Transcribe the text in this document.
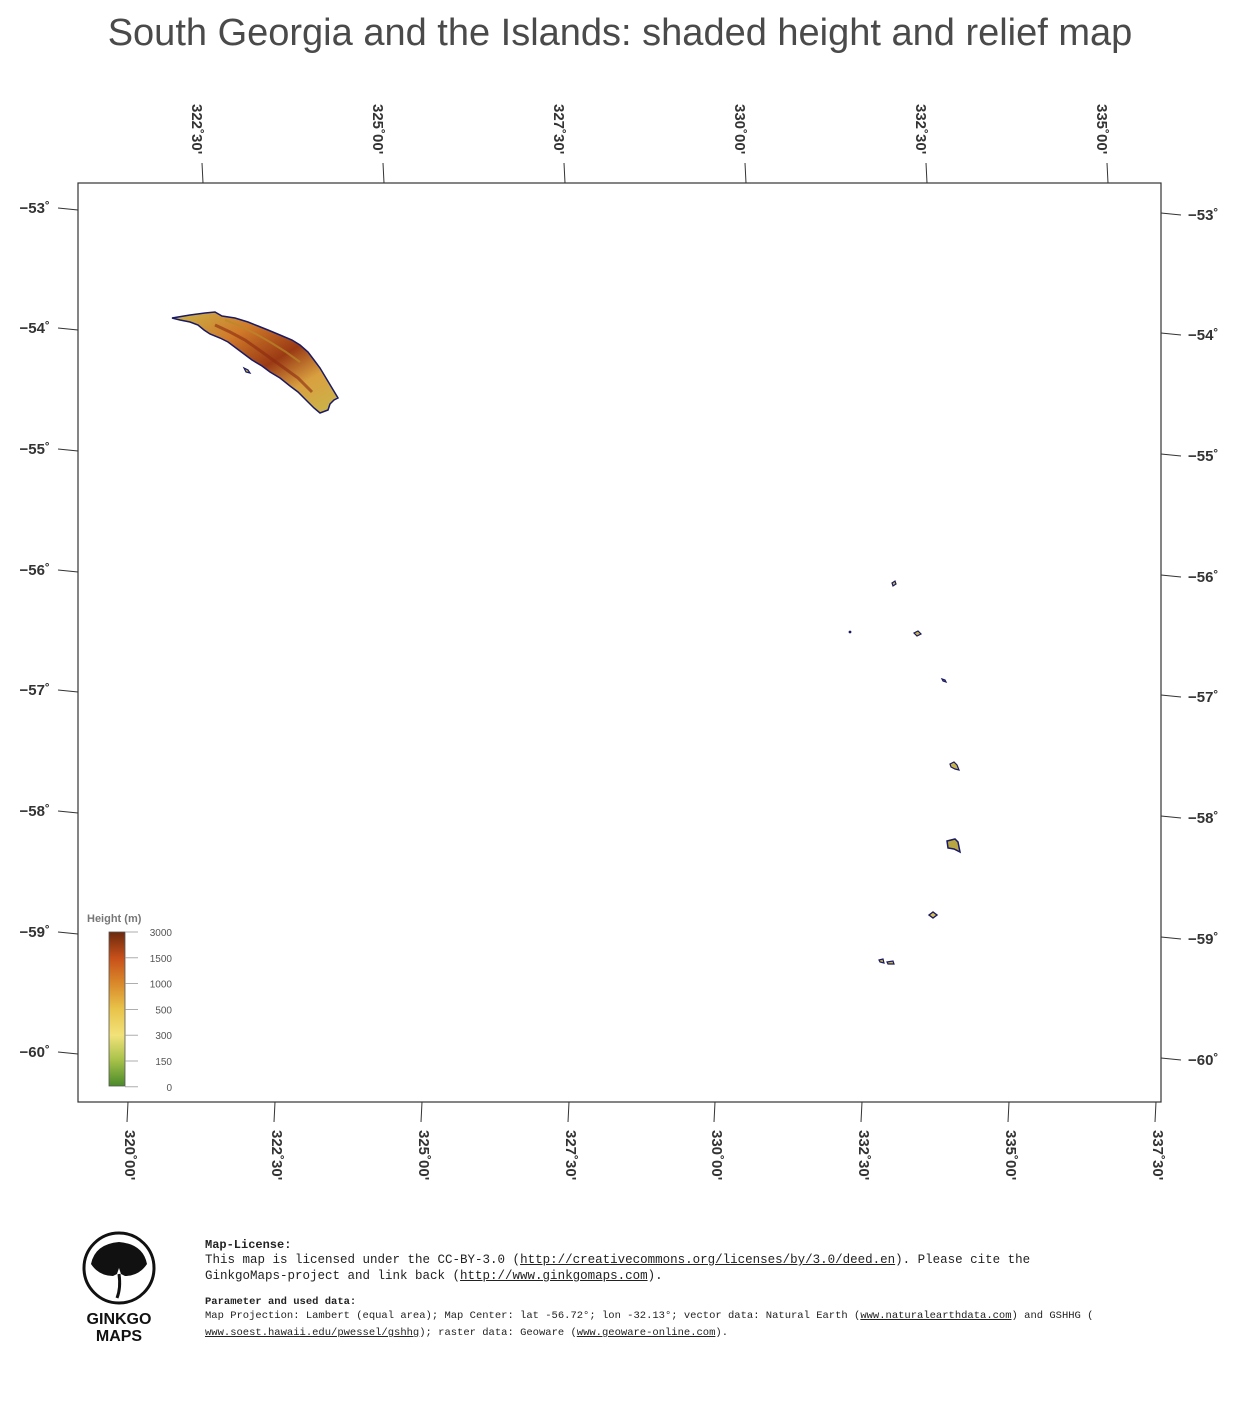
South Georgia and the Islands: shaded height and relief map
322˚30'	325˚00'	327˚30'	330˚00'	332˚30'	335˚00'
320˚00'	322˚30'	325˚00'	327˚30'	330˚00'	332˚30'	335˚00'	337˚30'
−53˚
−54˚
−55˚
−56˚
−57˚
−58˚
−59˚
−60˚
−53˚
−54˚
−55˚
−56˚
−57˚
−58˚
−59˚
−60˚
Height (m)
3000
1500
1000
500
300
150
0
GINKGO
MAPS
Map-License:
This map is licensed under the CC-BY-3.0 (http://creativecommons.org/licenses/by/3.0/deed.en). Please cite the
GinkgoMaps-project and link back (http://www.ginkgomaps.com).
Parameter and used data:
Map Projection: Lambert (equal area); Map Center: lat -56.72°; lon -32.13°; vector data: Natural Earth (www.naturalearthdata.com) and GSHHG (
www.soest.hawaii.edu/pwessel/gshhg); raster data: Geoware (www.geoware-online.com).
